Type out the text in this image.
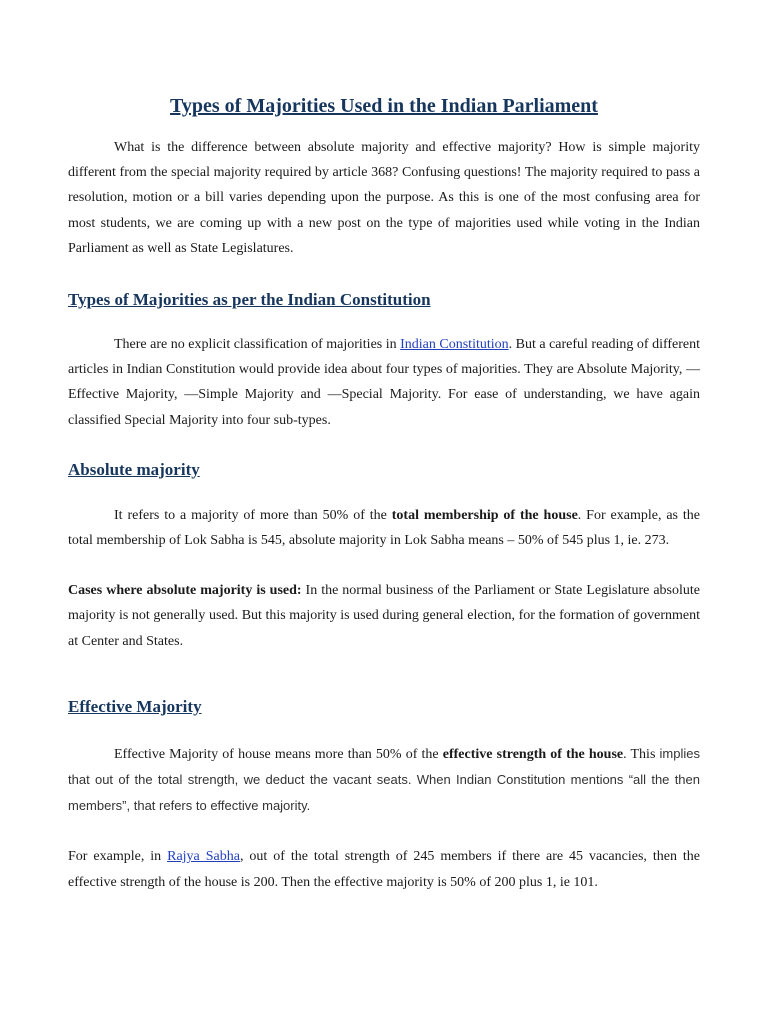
Types of Majorities Used in the Indian Parliament

What is the difference between absolute majority and effective majority? How is simple majority different from the special majority required by article 368? Confusing questions! The majority required to pass a resolution, motion or a bill varies depending upon the purpose. As this is one of the most confusing area for most students, we are coming up with a new post on the type of majorities used while voting in the Indian Parliament as well as State Legislatures.

Types of Majorities as per the Indian Constitution

There are no explicit classification of majorities in Indian Constitution. But a careful reading of different articles in Indian Constitution would provide idea about four types of majorities. They are Absolute Majority, —Effective Majority, —Simple Majority and —Special Majority. For ease of understanding, we have again classified Special Majority into four sub-types.

Absolute majority

It refers to a majority of more than 50% of the total membership of the house. For example, as the total membership of Lok Sabha is 545, absolute majority in Lok Sabha means – 50% of 545 plus 1, ie. 273.

Cases where absolute majority is used: In the normal business of the Parliament or State Legislature absolute majority is not generally used. But this majority is used during general election, for the formation of government at Center and States.

Effective Majority

Effective Majority of house means more than 50% of the effective strength of the house. This implies that out of the total strength, we deduct the vacant seats. When Indian Constitution mentions “all the then members”, that refers to effective majority.

For example, in Rajya Sabha, out of the total strength of 245 members if there are 45 vacancies, then the effective strength of the house is 200. Then the effective majority is 50% of 200 plus 1, ie 101.
